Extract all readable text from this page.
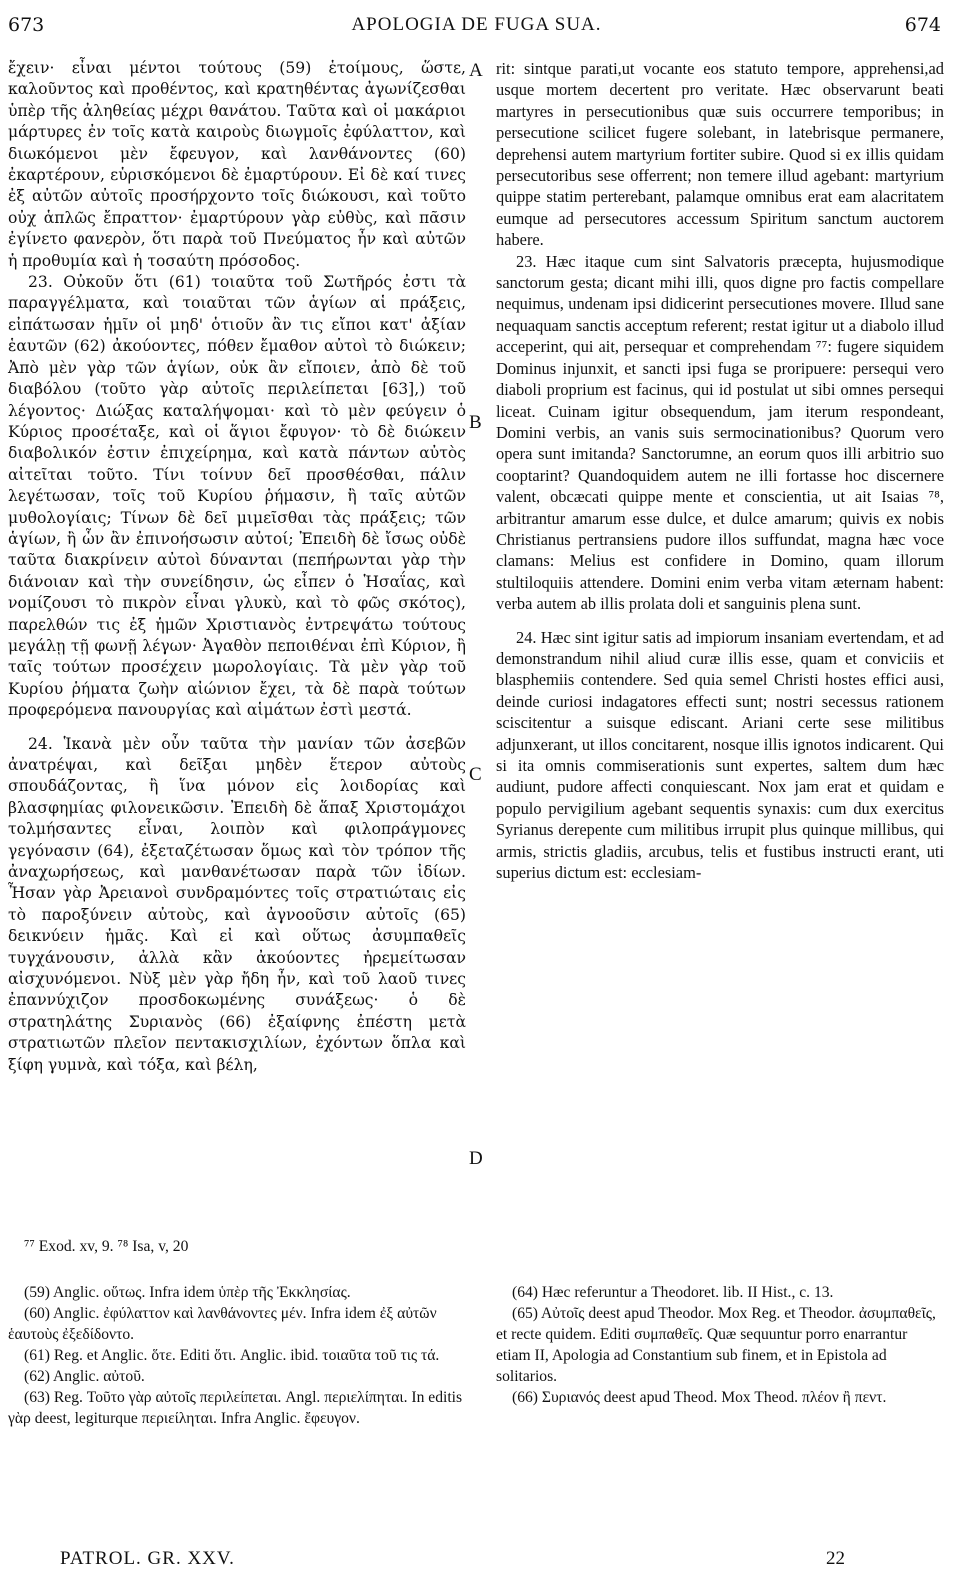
673	APOLOGIA DE FUGA SUA.	674

ἔχειν· εἶναι μέντοι τούτους (59) ἑτοίμους, ὥστε, καλοῦντος καὶ προθέντος, καὶ κρατηθέντας ἀγωνίζεσθαι ὑπὲρ τῆς ἀληθείας μέχρι θανάτου. Ταῦτα καὶ οἱ μακάριοι μάρτυρες ἐν τοῖς κατὰ καιροὺς διωγμοῖς ἐφύλαττον, καὶ διωκόμενοι μὲν ἔφευγον, καὶ λανθάνοντες (60) ἐκαρτέρουν, εὑρισκόμενοι δὲ ἐμαρτύρουν. Εἰ δὲ καί τινες ἐξ αὐτῶν αὐτοῖς προσήρχοντο τοῖς διώκουσι, καὶ τοῦτο οὐχ ἁπλῶς ἔπραττον· ἐμαρτύρουν γὰρ εὐθὺς, καὶ πᾶσιν ἐγίνετο φανερὸν, ὅτι παρὰ τοῦ Πνεύματος ἦν καὶ αὐτῶν ἡ προθυμία καὶ ἡ τοσαύτη πρόσοδος.

23. Οὐκοῦν ὅτι (61) τοιαῦτα τοῦ Σωτῆρός ἐστι τὰ παραγγέλματα, καὶ τοιαῦται τῶν ἁγίων αἱ πράξεις, εἰπάτωσαν ἡμῖν οἱ μηδ' ὁτιοῦν ἂν τις εἴποι κατ' ἀξίαν ἑαυτῶν (62) ἀκούοντες, πόθεν ἔμαθον αὐτοὶ τὸ διώκειν; Ἀπὸ μὲν γὰρ τῶν ἁγίων, οὐκ ἂν εἴποιεν, ἀπὸ δὲ τοῦ διαβόλου (τοῦτο γὰρ αὐτοῖς περιλείπεται [63],) τοῦ λέγοντος· Διώξας καταλήψομαι· καὶ τὸ μὲν φεύγειν ὁ Κύριος προσέταξε, καὶ οἱ ἅγιοι ἔφυγον· τὸ δὲ διώκειν διαβολικόν ἐστιν ἐπιχείρημα, καὶ κατὰ πάντων αὐτὸς αἰτεῖται τοῦτο. Τίνι τοίνυν δεῖ προσθέσθαι, πάλιν λεγέτωσαν, τοῖς τοῦ Κυρίου ῥήμασιν, ἢ ταῖς αὐτῶν μυθολογίαις; Τίνων δὲ δεῖ μιμεῖσθαι τὰς πράξεις; τῶν ἁγίων, ἢ ὧν ἂν ἐπινοήσωσιν αὐτοί; Ἐπειδὴ δὲ ἴσως οὐδὲ ταῦτα διακρίνειν αὐτοὶ δύνανται (πεπήρωνται γὰρ τὴν διάνοιαν καὶ τὴν συνείδησιν, ὡς εἶπεν ὁ Ἡσαΐας, καὶ νομίζουσι τὸ πικρὸν εἶναι γλυκὺ, καὶ τὸ φῶς σκότος), παρελθών τις ἐξ ἡμῶν Χριστιανὸς ἐντρεψάτω τούτους μεγάλῃ τῇ φωνῇ λέγων· Ἀγαθὸν πεποιθέναι ἐπὶ Κύριον, ἢ ταῖς τούτων προσέχειν μωρολογίαις. Τὰ μὲν γὰρ τοῦ Κυρίου ῥήματα ζωὴν αἰώνιον ἔχει, τὰ δὲ παρὰ τούτων προφερόμενα πανουργίας καὶ αἱμάτων ἐστὶ μεστά.

24. Ἱκανὰ μὲν οὖν ταῦτα τὴν μανίαν τῶν ἀσεβῶν ἀνατρέψαι, καὶ δεῖξαι μηδὲν ἕτερον αὐτοὺς σπουδάζοντας, ἢ ἵνα μόνον εἰς λοιδορίας καὶ βλασφημίας φιλονεικῶσιν. Ἐπειδὴ δὲ ἅπαξ Χριστομάχοι τολμήσαντες εἶναι, λοιπὸν καὶ φιλοπράγμονες γεγόνασιν (64), ἐξεταζέτωσαν ὅμως καὶ τὸν τρόπον τῆς ἀναχωρήσεως, καὶ μανθανέτωσαν παρὰ τῶν ἰδίων. Ἦσαν γὰρ Ἀρειανοὶ συνδραμόντες τοῖς στρατιώταις εἰς τὸ παροξύνειν αὐτοὺς, καὶ ἀγνοοῦσιν αὐτοῖς (65) δεικνύειν ἡμᾶς. Καὶ εἰ καὶ οὕτως ἀσυμπαθεῖς τυγχάνουσιν, ἀλλὰ κἂν ἀκούοντες ἠρεμείτωσαν αἰσχυνόμενοι. Νὺξ μὲν γὰρ ἤδη ἦν, καὶ τοῦ λαοῦ τινες ἐπαννύχιζον προσδοκωμένης συνάξεως· ὁ δὲ στρατηλάτης Συριανὸς (66) ἐξαίφνης ἐπέστη μετὰ στρατιωτῶν πλεῖον πεντακισχιλίων, ἐχόντων ὅπλα καὶ ξίφη γυμνὰ, καὶ τόξα, καὶ βέλη,

A
B
C
D

rit: sintque parati,ut vocante eos statuto tempore, apprehensi,ad usque mortem decertent pro veritate. Hæc observarunt beati martyres in persecutionibus quæ suis occurrere temporibus; in persecutione scilicet fugere solebant, in latebrisque permanere, deprehensi autem martyrium fortiter subire. Quod si ex illis quidam persecutoribus sese offerrent; non temere illud agebant: martyrium quippe statim perterebant, palamque omnibus erat eam alacritatem eumque ad persecutores accessum Spiritum sanctum auctorem habere.

23. Hæc itaque cum sint Salvatoris præcepta, hujusmodique sanctorum gesta; dicant mihi illi, quos digne pro factis compellare nequimus, undenam ipsi didicerint persecutiones movere. Illud sane nequaquam sanctis acceptum referent; restat igitur ut a diabolo illud acceperint, qui ait, persequar et comprehendam ⁷⁷: fugere siquidem Dominus injunxit, et sancti ipsi fuga se proripuere: persequi vero diaboli proprium est facinus, qui id postulat ut sibi omnes persequi liceat. Cuinam igitur obsequendum, jam iterum respondeant, Domini verbis, an vanis suis sermocinationibus? Quorum vero opera sunt imitanda? Sanctorumne, an eorum quos illi arbitrio suo cooptarint? Quandoquidem autem ne illi fortasse hoc discernere valent, obcæcati quippe mente et conscientia, ut ait Isaias ⁷⁸, arbitrantur amarum esse dulce, et dulce amarum; quivis ex nobis Christianus pertransiens pudore illos suffundat, magna hæc voce clamans: Melius est confidere in Domino, quam illorum stultiloquiis attendere. Domini enim verba vitam æternam habent: verba autem ab illis prolata doli et sanguinis plena sunt.

24. Hæc sint igitur satis ad impiorum insaniam evertendam, et ad demonstrandum nihil aliud curæ illis esse, quam et conviciis et blasphemiis contendere. Sed quia semel Christi hostes effici ausi, deinde curiosi indagatores effecti sunt; nostri secessus rationem sciscitentur a suisque ediscant. Ariani certe sese militibus adjunxerant, ut illos concitarent, nosque illis ignotos indicarent. Qui si ita omnis commiserationis sunt expertes, saltem dum hæc audiunt, pudore affecti conquiescant. Nox jam erat et quidam e populo pervigilium agebant sequentis synaxis: cum dux exercitus Syrianus derepente cum militibus irrupit plus quinque millibus, qui armis, strictis gladiis, arcubus, telis et fustibus instructi erant, uti superius dictum est: ecclesiam-

⁷⁷ Exod. xv, 9. ⁷⁸ Isa, v, 20

(59) Anglic. οὕτως. Infra idem ὑπὲρ τῆς Ἐκκλησίας.

(60) Anglic. ἐφύλαττον καὶ λανθάνοντες μέν. Infra idem ἐξ αὐτῶν ἑαυτοὺς ἐξεδίδοντο.

(61) Reg. et Anglic. ὅτε. Editi ὅτι. Anglic. ibid. τοιαῦτα τοῦ τις τά.

(62) Anglic. αὐτοῦ.

(63) Reg. Τοῦτο γὰρ αὐτοῖς περιλείπεται. Angl. περιελίπηται. In editis γὰρ deest, legiturque περιείληται. Infra Anglic. ἔφευγον.

(64) Hæc referuntur a Theodoret. lib. II Hist., c. 13.

(65) Αὐτοῖς deest apud Theodor. Mox Reg. et Theodor. ἀσυμπαθεῖς, et recte quidem. Editi συμπαθεῖς. Quæ sequuntur porro enarrantur etiam II, Apologia ad Constantium sub finem, et in Epistola ad solitarios.

(66) Συριανός deest apud Theod. Mox Theod. πλέον ἢ πεντ.

PATROL. GR. XXV.	22
